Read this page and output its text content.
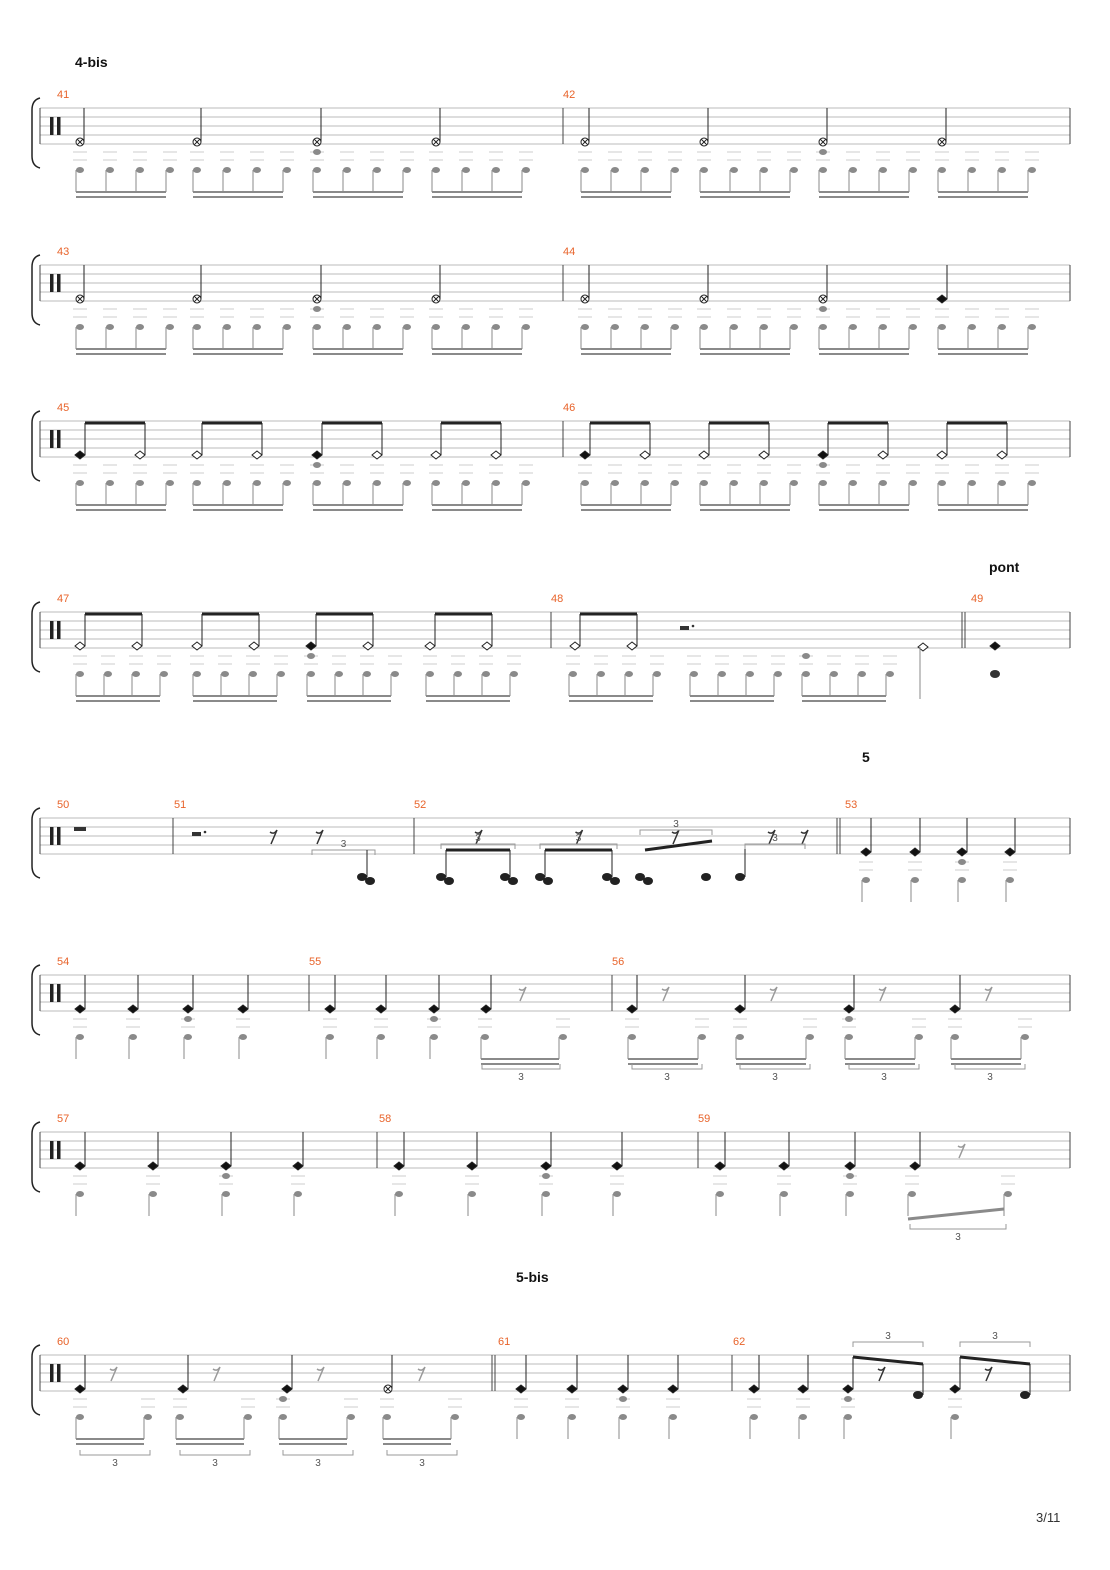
4-bis
pont
5
5-bis
41	42
43	44
45	46
47	48	49
50	51	52	53
54	55	56
57	58	59
60	61	62
3
3	3
3
3
3	3	3	3	3
3
3	3	3	3
3	3
3/11
